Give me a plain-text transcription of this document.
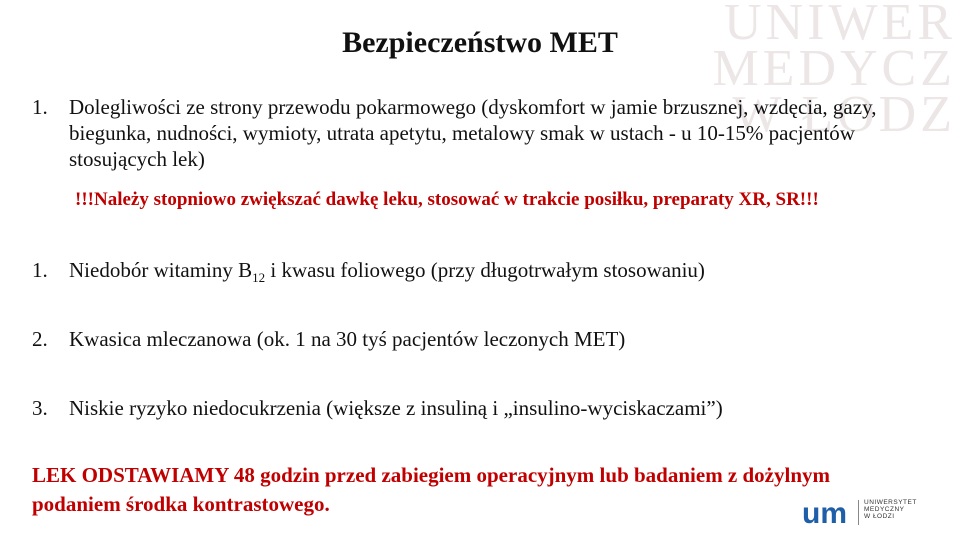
UNIWER
MEDYCZ
W ŁODZ
Bezpieczeństwo MET
1. Dolegliwości ze strony przewodu pokarmowego (dyskomfort w jamie brzusznej, wzdęcia, gazy, biegunka, nudności, wymioty, utrata apetytu, metalowy smak w ustach - u 10-15% pacjentów stosujących lek)
!!!Należy stopniowo zwiększać dawkę leku, stosować w trakcie posiłku, preparaty XR, SR!!!
1. Niedobór witaminy $B_{12}$ i kwasu foliowego (przy długotrwałym stosowaniu)
2. Kwasica mleczanowa (ok. 1 na 30 tyś pacjentów leczonych MET)
3. Niskie ryzyko niedocukrzenia (większe z insuliną i „insulino-wyciskaczami”)
LEK ODSTAWIAMY 48 godzin przed zabiegiem operacyjnym lub badaniem z dożylnym podaniem środka kontrastowego.	um	UNIWERSYTET
MEDYCZNY
W ŁODZI
